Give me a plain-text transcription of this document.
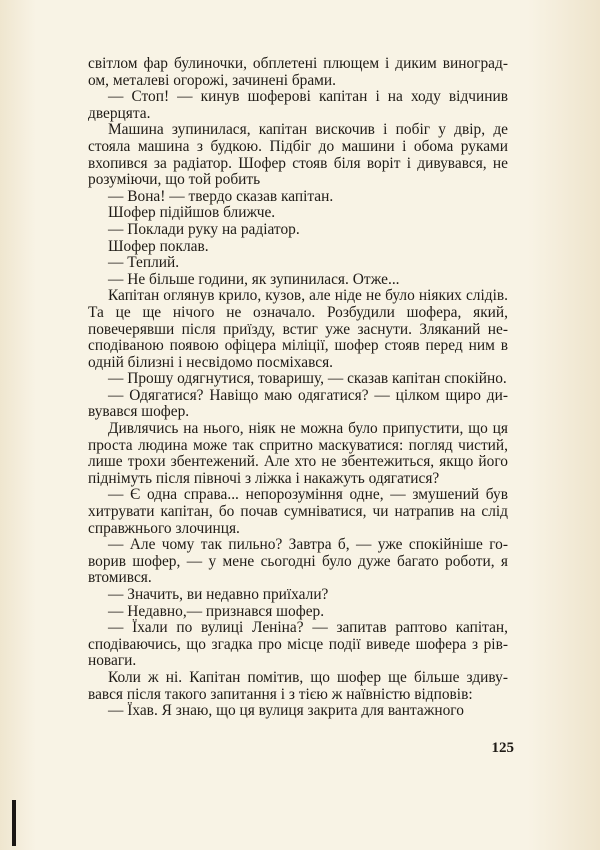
світлом фар булиночки, обплетені плющем і диким виноградом, металеві огорожі, зачинені брами.

— Стоп! — кинув шоферові капітан і на ходу відчинив дверцята.

Машина зупинилася, капітан вискочив і побіг у двір, де стояла машина з будкою. Підбіг до машини і обома руками вхопився за радіатор. Шофер стояв біля воріт і дивувався, не розуміючи, що той робить

— Вона! — твердо сказав капітан.

Шофер підійшов ближче.

— Поклади руку на радіатор.

Шофер поклав.

— Теплий.

— Не більше години, як зупинилася. Отже...

Капітан оглянув крило, кузов, але ніде не було ніяких слідів. Та це ще нічого не означало. Розбудили шофера, який, повечерявши після приїзду, встиг уже заснути. Зляканий несподіваною появою офіцера міліції, шофер стояв перед ним в одній білизні і несвідомо посміхався.

— Прошу одягнутися, товаришу, — сказав капітан спокійно.

— Одягатися? Навіщо маю одягатися? — цілком щиро дивувався шофер.

Дивлячись на нього, ніяк не можна було припустити, що ця проста людина може так спритно маскуватися: погляд чистий, лише трохи збентежений. Але хто не збентежиться, якщо його піднімуть після півночі з ліжка і накажуть одягатися?

— Є одна справа... непорозуміння одне, — змушений був хитрувати капітан, бо почав сумніватися, чи натрапив на слід справжнього злочинця.

— Але чому так пильно? Завтра б, — уже спокійніше говорив шофер, — у мене сьогодні було дуже багато роботи, я втомився.

— Значить, ви недавно приїхали?

— Недавно,— признався шофер.

— Їхали по вулиці Леніна? — запитав раптово капітан, сподіваючись, що згадка про місце події виведе шофера з рівноваги.

Коли ж ні. Капітан помітив, що шофер ще більше здивувався після такого запитання і з тією ж наївністю відповів:

— Їхав. Я знаю, що ця вулиця закрита для вантажного

125
